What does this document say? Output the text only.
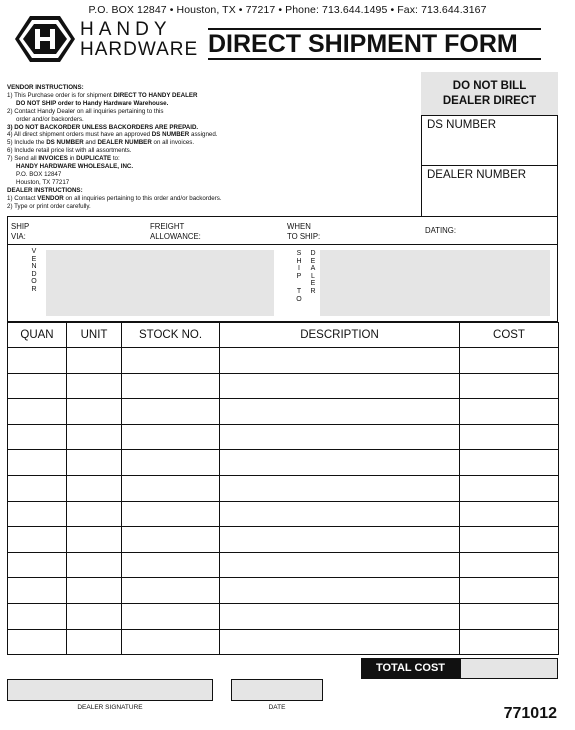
P.O. BOX 12847 • Houston, TX • 77217 • Phone: 713.644.1495 • Fax: 713.644.3167
HANDY
HARDWARE DIRECT SHIPMENT FORM
VENDOR INSTRUCTIONS:
1) This Purchase order is for shipment DIRECT TO HANDY DEALER
DO NOT SHIP order to Handy Hardware Warehouse.
2) Contact Handy Dealer on all inquiries pertaining to this
order and/or backorders.
3) DO NOT BACKORDER UNLESS BACKORDERS ARE PREPAID.
4) All direct shipment orders must have an approved DS NUMBER assigned.
5) Include the DS NUMBER and DEALER NUMBER on all invoices.
6) Include retail price list with all assortments.
7) Send all INVOICES in DUPLICATE to:
HANDY HARDWARE WHOLESALE, INC.
P.O. BOX 12847
Houston, TX 77217
DEALER INSTRUCTIONS:
1) Contact VENDOR on all inquiries pertaining to this order and/or backorders.
2) Type or print order carefully.
DO NOT BILL
DEALER DIRECT
DS NUMBER
DEALER NUMBER
SHIP
VIA:
FREIGHT
ALLOWANCE:
WHEN
TO SHIP:
DATING:
V
E
N
D
O
R
S
H
I
P
T
O
D
E
A
L
E
R
QUAN	UNIT	STOCK NO.	DESCRIPTION	COST

TOTAL COST
DEALER SIGNATURE	DATE	771012
